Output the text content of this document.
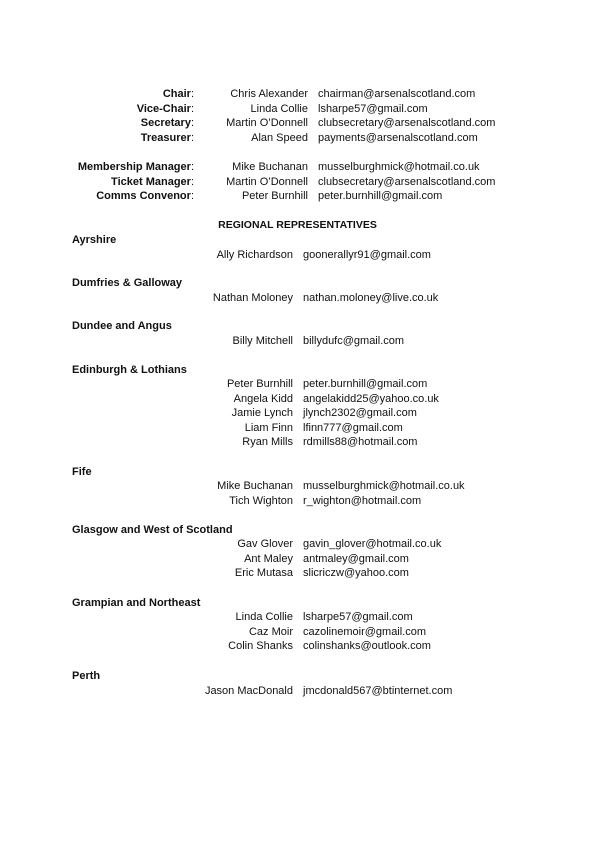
Chair:	Chris Alexander chairman@arsenalscotland.com
Vice-Chair:	Linda Collie lsharpe57@gmail.com
Secretary:	Martin O’Donnell clubsecretary@arsenalscotland.com
Treasurer:	Alan Speed payments@arsenalscotland.com
Membership Manager:	Mike Buchanan musselburghmick@hotmail.co.uk
Ticket Manager:	Martin O’Donnell clubsecretary@arsenalscotland.com
Comms Convenor:	Peter Burnhill peter.burnhill@gmail.com
REGIONAL REPRESENTATIVES
Ayrshire
Ally Richardson goonerallyr91@gmail.com
Dumfries & Galloway
Nathan Moloney nathan.moloney@live.co.uk
Dundee and Angus
Billy Mitchell billydufc@gmail.com
Edinburgh & Lothians
Peter Burnhill peter.burnhill@gmail.com
Angela Kidd angelakidd25@yahoo.co.uk
Jamie Lynch jlynch2302@gmail.com
Liam Finn lfinn777@gmail.com
Ryan Mills rdmills88@hotmail.com
Fife
Mike Buchanan musselburghmick@hotmail.co.uk
Tich Wighton r_wighton@hotmail.com
Glasgow and West of Scotland
Gav Glover gavin_glover@hotmail.co.uk
Ant Maley antmaley@gmail.com
Eric Mutasa slicriczw@yahoo.com
Grampian and Northeast
Linda Collie lsharpe57@gmail.com
Caz Moir cazolinemoir@gmail.com
Colin Shanks colinshanks@outlook.com
Perth
Jason MacDonald jmcdonald567@btinternet.com
